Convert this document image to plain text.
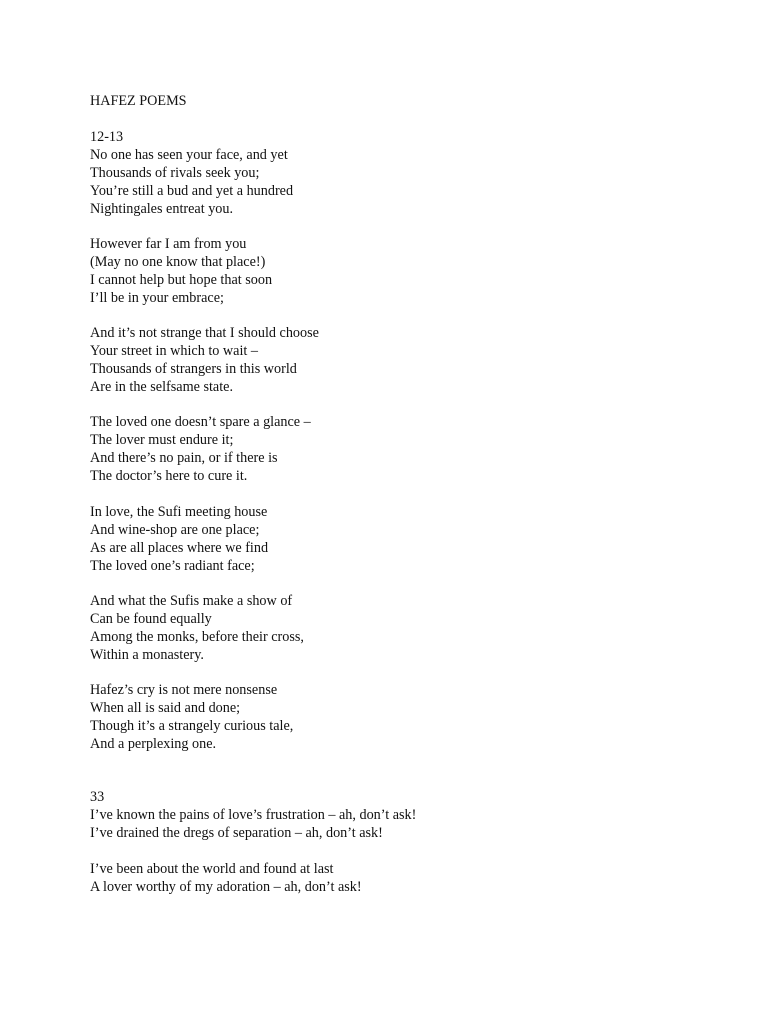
HAFEZ POEMS
12-13
No one has seen your face, and yet
Thousands of rivals seek you;
You’re still a bud and yet a hundred
Nightingales entreat you.
However far I am from you
(May no one know that place!)
I cannot help but hope that soon
I’ll be in your embrace;
And it’s not strange that I should choose
Your street in which to wait –
Thousands of strangers in this world
Are in the selfsame state.
The loved one doesn’t spare a glance –
The lover must endure it;
And there’s no pain, or if there is
The doctor’s here to cure it.
In love, the Sufi meeting house
And wine-shop are one place;
As are all places where we find
The loved one’s radiant face;
And what the Sufis make a show of
Can be found equally
Among the monks, before their cross,
Within a monastery.
Hafez’s cry is not mere nonsense
When all is said and done;
Though it’s a strangely curious tale,
And a perplexing one.
33
I’ve known the pains of love’s frustration – ah, don’t ask!
I’ve drained the dregs of separation – ah, don’t ask!
I’ve been about the world and found at last
A lover worthy of my adoration – ah, don’t ask!
